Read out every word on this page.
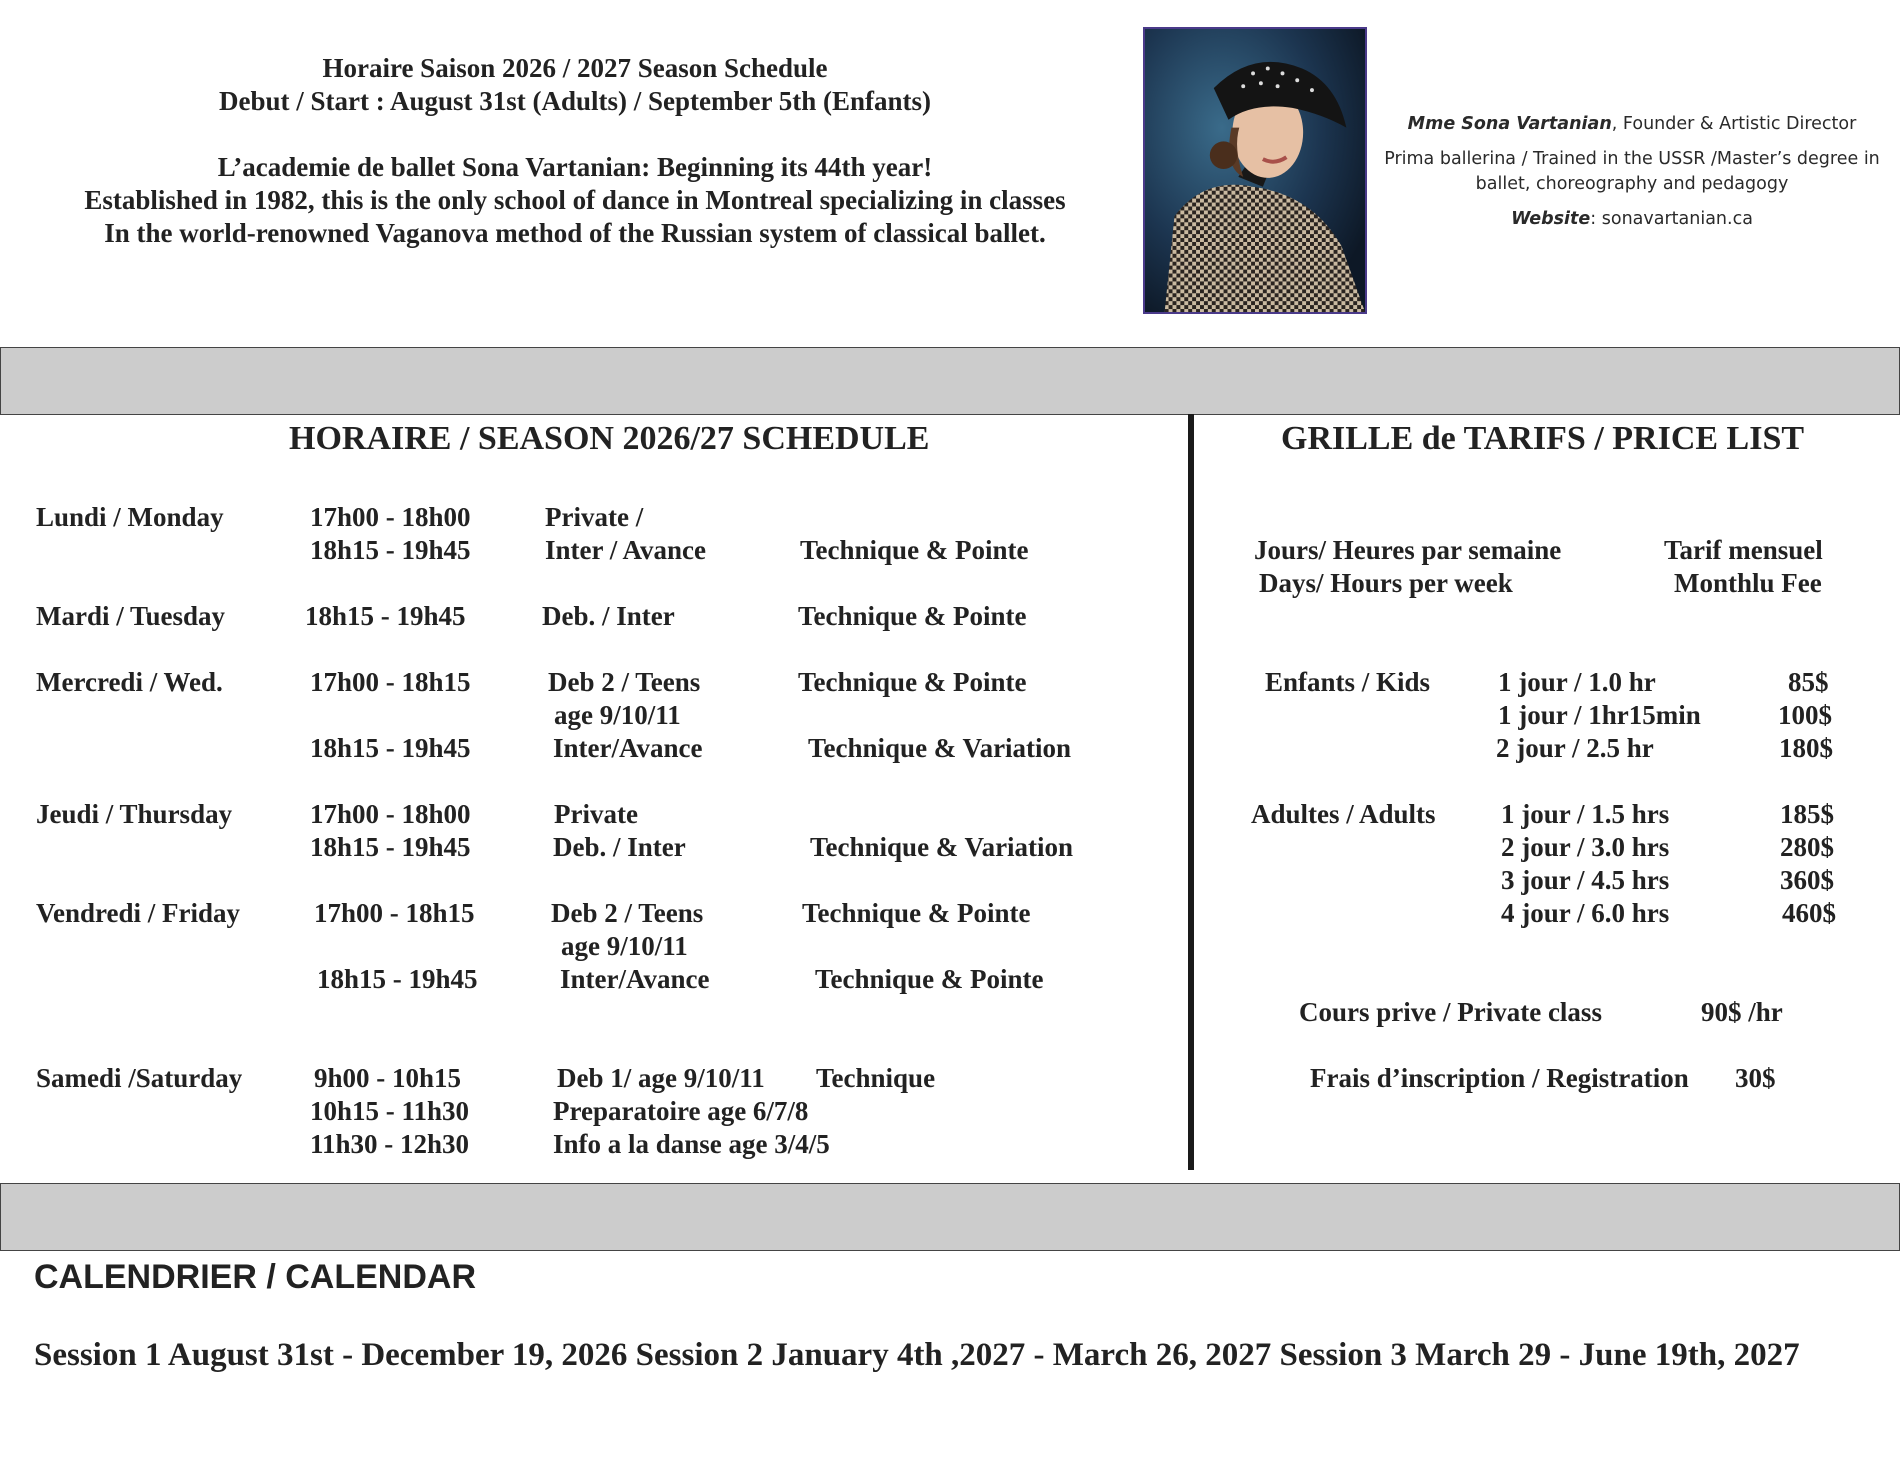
Horaire Saison 2026 / 2027 Season Schedule
Debut / Start : August 31st (Adults) / September 5th (Enfants)
L’academie de ballet Sona Vartanian: Beginning its 44th year!
Established in 1982, this is the only school of dance in Montreal specializing in classes
In the world-renowned Vaganova method of the Russian system of classical ballet.
Mme Sona Vartanian, Founder & Artistic Director
Prima ballerina / Trained in the USSR /Master’s degree in ballet, choreography and pedagogy
Website: sonavartanian.ca
HORAIRE / SEASON 2026/27 SCHEDULE
Lundi / Monday	17h00 - 18h00	Private /
18h15 - 19h45	Inter / Avance	Technique & Pointe
Mardi / Tuesday	18h15 - 19h45	Deb. / Inter	Technique & Pointe
Mercredi / Wed.	17h00 - 18h15	Deb 2 / Teens	Technique & Pointe
age 9/10/11
18h15 - 19h45	Inter/Avance	Technique & Variation
Jeudi / Thursday	17h00 - 18h00	Private
18h15 - 19h45	Deb. / Inter	Technique & Variation
Vendredi / Friday	17h00 - 18h15	Deb 2 / Teens	Technique & Pointe
age 9/10/11
18h15 - 19h45	Inter/Avance	Technique & Pointe
Samedi /Saturday	9h00 - 10h15	Deb 1/ age 9/10/11 Technique
10h15 - 11h30	Preparatoire age 6/7/8
11h30 - 12h30	Info a la danse age 3/4/5
GRILLE de TARIFS / PRICE LIST
Jours/ Heures par semaine
Days/ Hours per week
Tarif mensuel
Monthlu Fee
Enfants / Kids	1 jour / 1.0 hr	85$
1 jour / 1hr15min	100$
2 jour / 2.5 hr	180$
Adultes / Adults 1 jour / 1.5 hrs	185$
2 jour / 3.0 hrs	280$
3 jour / 4.5 hrs	360$
4 jour / 6.0 hrs	460$
Cours prive / Private class	90$ /hr
Frais d’inscription / Registration 30$
CALENDRIER / CALENDAR
Session 1 August 31st - December 19, 2026 Session 2 January 4th ,2027 - March 26, 2027 Session 3 March 29 - June 19th, 2027
